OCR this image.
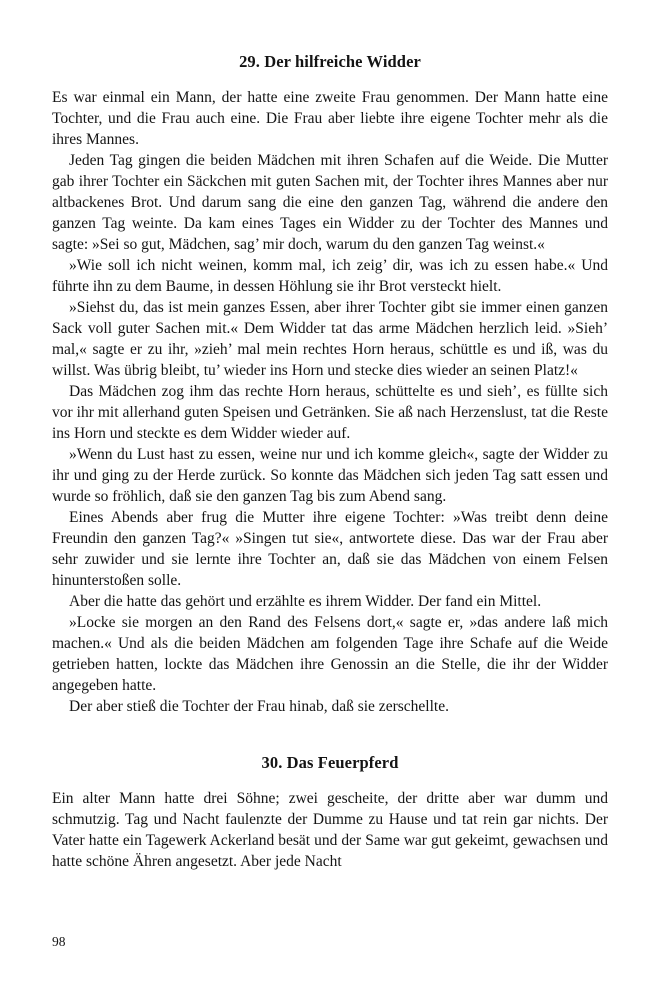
29. Der hilfreiche Widder

Es war einmal ein Mann, der hatte eine zweite Frau genommen. Der Mann hatte eine Tochter, und die Frau auch eine. Die Frau aber liebte ihre eigene Tochter mehr als die ihres Mannes.

Jeden Tag gingen die beiden Mädchen mit ihren Schafen auf die Weide. Die Mutter gab ihrer Tochter ein Säckchen mit guten Sachen mit, der Tochter ihres Mannes aber nur altbackenes Brot. Und darum sang die eine den ganzen Tag, während die andere den ganzen Tag weinte. Da kam eines Tages ein Widder zu der Tochter des Mannes und sagte: »Sei so gut, Mädchen, sag’ mir doch, warum du den ganzen Tag weinst.«

»Wie soll ich nicht weinen, komm mal, ich zeig’ dir, was ich zu essen habe.« Und führte ihn zu dem Baume, in dessen Höhlung sie ihr Brot versteckt hielt.

»Siehst du, das ist mein ganzes Essen, aber ihrer Tochter gibt sie immer einen ganzen Sack voll guter Sachen mit.« Dem Widder tat das arme Mädchen herzlich leid. »Sieh’ mal,« sagte er zu ihr, »zieh’ mal mein rechtes Horn heraus, schüttle es und iß, was du willst. Was übrig bleibt, tu’ wieder ins Horn und stecke dies wieder an seinen Platz!«

Das Mädchen zog ihm das rechte Horn heraus, schüttelte es und sieh’, es füllte sich vor ihr mit allerhand guten Speisen und Getränken. Sie aß nach Herzenslust, tat die Reste ins Horn und steckte es dem Widder wieder auf.

»Wenn du Lust hast zu essen, weine nur und ich komme gleich«, sagte der Widder zu ihr und ging zu der Herde zurück. So konnte das Mädchen sich jeden Tag satt essen und wurde so fröhlich, daß sie den ganzen Tag bis zum Abend sang.

Eines Abends aber frug die Mutter ihre eigene Tochter: »Was treibt denn deine Freundin den ganzen Tag?« »Singen tut sie«, antwortete diese. Das war der Frau aber sehr zuwider und sie lernte ihre Tochter an, daß sie das Mädchen von einem Felsen hinunterstoßen solle.

Aber die hatte das gehört und erzählte es ihrem Widder. Der fand ein Mittel.

»Locke sie morgen an den Rand des Felsens dort,« sagte er, »das andere laß mich machen.« Und als die beiden Mädchen am folgenden Tage ihre Schafe auf die Weide getrieben hatten, lockte das Mädchen ihre Genossin an die Stelle, die ihr der Widder angegeben hatte.

Der aber stieß die Tochter der Frau hinab, daß sie zerschellte.

30. Das Feuerpferd

Ein alter Mann hatte drei Söhne; zwei gescheite, der dritte aber war dumm und schmutzig. Tag und Nacht faulenzte der Dumme zu Hause und tat rein gar nichts. Der Vater hatte ein Tagewerk Ackerland besät und der Same war gut gekeimt, gewachsen und hatte schöne Ähren angesetzt. Aber jede Nacht

98
